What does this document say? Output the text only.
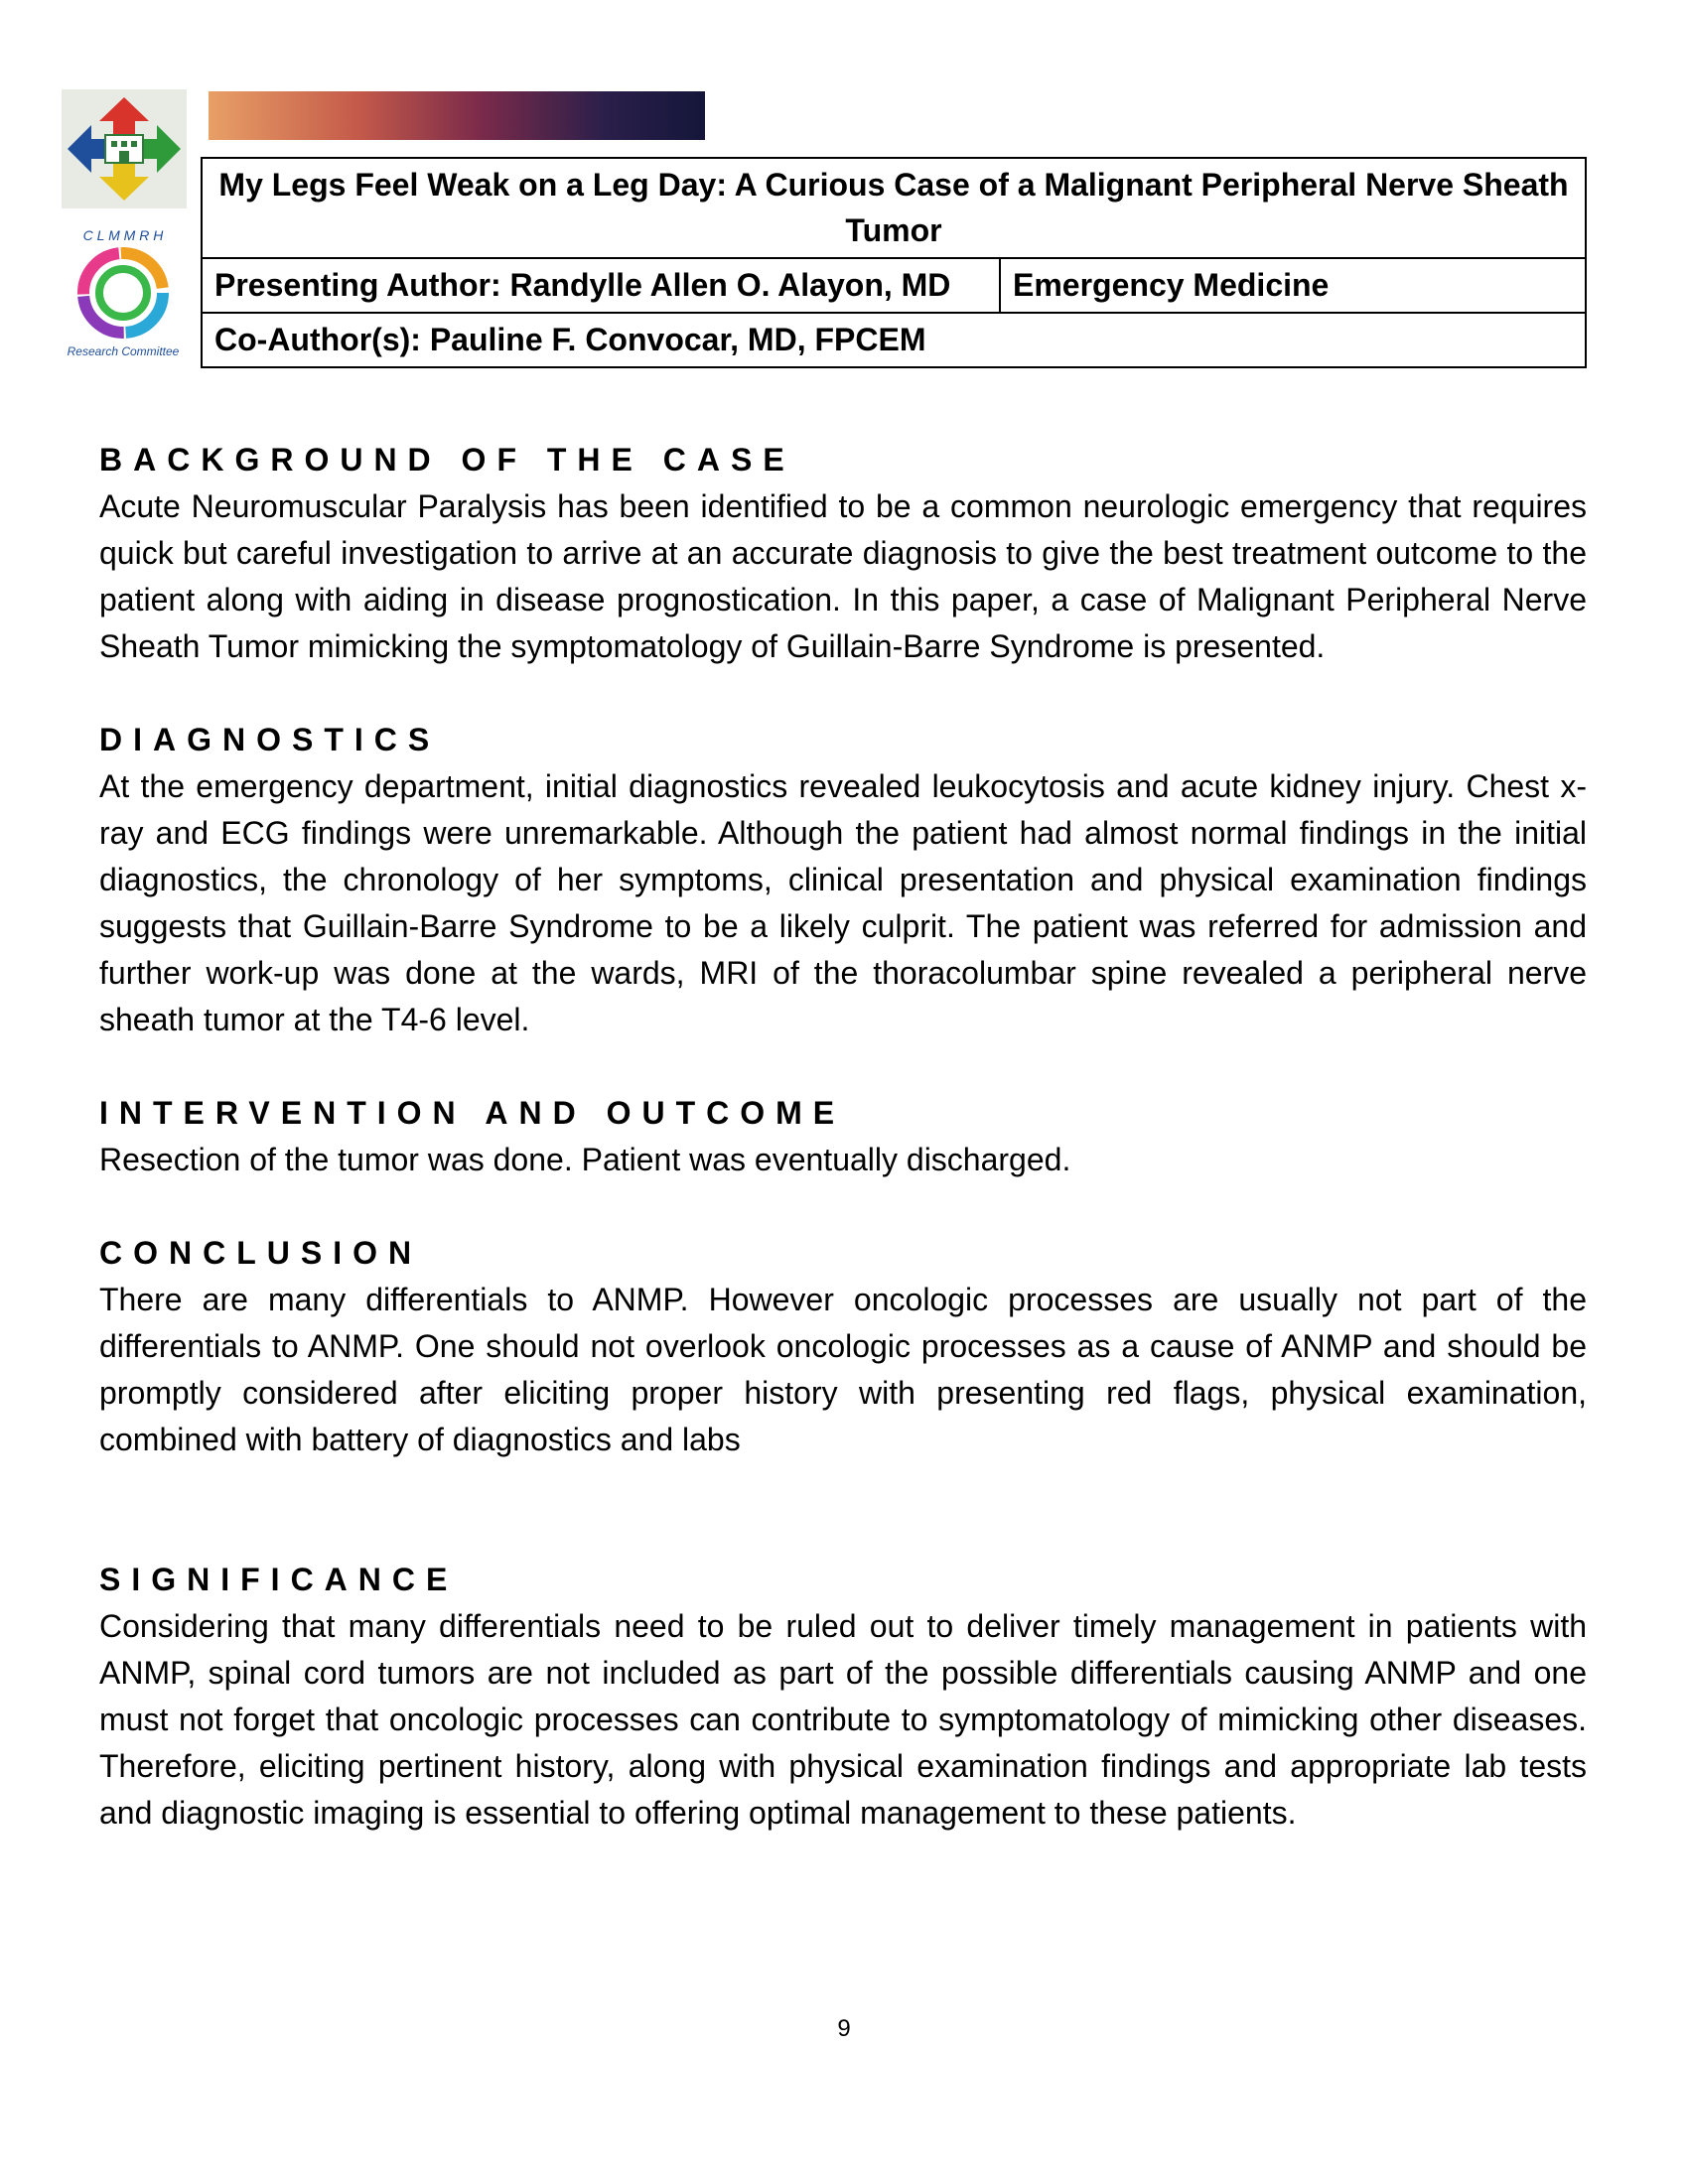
C L M M R H
Research Committee
My Legs Feel Weak on a Leg Day: A Curious Case of a Malignant Peripheral Nerve Sheath Tumor
Presenting Author: Randylle Allen O. Alayon, MD	Emergency Medicine
Co-Author(s): Pauline F. Convocar, MD, FPCEM

BACKGROUND OF THE CASE

Acute Neuromuscular Paralysis has been identified to be a common neurologic emergency that requires quick but careful investigation to arrive at an accurate diagnosis to give the best treatment outcome to the patient along with aiding in disease prognostication. In this paper, a case of Malignant Peripheral Nerve Sheath Tumor mimicking the symptomatology of Guillain-Barre Syndrome is presented.

DIAGNOSTICS

At the emergency department, initial diagnostics revealed leukocytosis and acute kidney injury. Chest x-ray and ECG findings were unremarkable. Although the patient had almost normal findings in the initial diagnostics, the chronology of her symptoms, clinical presentation and physical examination findings suggests that Guillain-Barre Syndrome to be a likely culprit. The patient was referred for admission and further work-up was done at the wards, MRI of the thoracolumbar spine revealed a peripheral nerve sheath tumor at the T4-6 level.

INTERVENTION AND OUTCOME

Resection of the tumor was done. Patient was eventually discharged.

CONCLUSION

There are many differentials to ANMP. However oncologic processes are usually not part of the differentials to ANMP. One should not overlook oncologic processes as a cause of ANMP and should be promptly considered after eliciting proper history with presenting red flags, physical examination, combined with battery of diagnostics and labs

SIGNIFICANCE

Considering that many differentials need to be ruled out to deliver timely management in patients with ANMP, spinal cord tumors are not included as part of the possible differentials causing ANMP and one must not forget that oncologic processes can contribute to symptomatology of mimicking other diseases. Therefore, eliciting pertinent history, along with physical examination findings and appropriate lab tests and diagnostic imaging is essential to offering optimal management to these patients.

9
